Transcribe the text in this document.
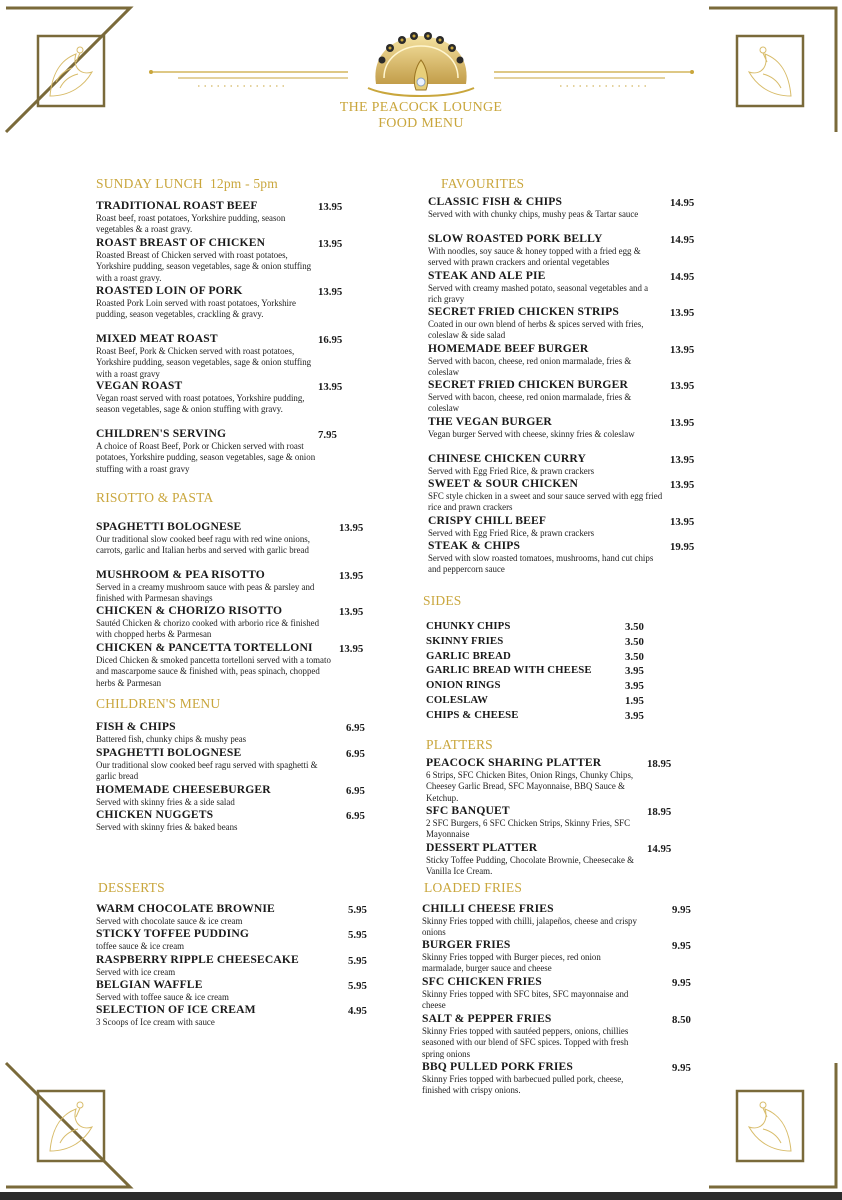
THE PEACOCK LOUNGE
FOOD MENU
SUNDAY LUNCH  12pm - 5pm
TRADITIONAL ROAST BEEF
Roast beef, roast potatoes, Yorkshire pudding, season vegetables & a roast gravy.
13.95
ROAST BREAST OF CHICKEN
Roasted Breast of Chicken served with roast potatoes, Yorkshire pudding, season vegetables, sage & onion stuffing with a roast gravy.
13.95
ROASTED LOIN OF PORK
Roasted Pork Loin served with roast potatoes, Yorkshire pudding, season vegetables, crackling & gravy.
13.95
MIXED MEAT ROAST
Roast Beef, Pork & Chicken served with roast potatoes, Yorkshire pudding, season vegetables, sage & onion stuffing with a roast gravy
16.95
VEGAN ROAST
Vegan roast served with roast potatoes, Yorkshire pudding, season vegetables, sage & onion stuffing with gravy.
13.95
CHILDREN'S SERVING
A choice of Roast Beef, Pork or Chicken served with roast potatoes, Yorkshire pudding, season vegetables, sage & onion stuffing with a roast gravy
7.95
RISOTTO & PASTA
SPAGHETTI BOLOGNESE
Our traditional slow cooked beef ragu with red wine onions, carrots, garlic and Italian herbs and served with garlic bread
13.95
MUSHROOM & PEA RISOTTO
Served in a creamy mushroom sauce with peas & parsley and finished with Parmesan shavings
13.95
CHICKEN & CHORIZO RISOTTO
Sautéd Chicken & chorizo cooked with arborio rice & finished with chopped herbs & Parmesan
13.95
CHICKEN & PANCETTA TORTELLONI
Diced Chicken & smoked pancetta tortelloni served with a tomato and mascarpome sauce & finished with, peas spinach, chopped herbs & Parmesan
13.95
CHILDREN'S MENU
FISH & CHIPS
Battered fish, chunky chips & mushy peas
6.95
SPAGHETTI BOLOGNESE
Our traditional slow cooked beef ragu served with spaghetti & garlic bread
6.95
HOMEMADE CHEESEBURGER
Served with skinny fries & a side salad
6.95
CHICKEN NUGGETS
Served with skinny fries & baked beans
6.95
DESSERTS
WARM CHOCOLATE BROWNIE
Served with chocolate sauce & ice cream
5.95
STICKY TOFFEE PUDDING
toffee sauce & ice cream
5.95
RASPBERRY RIPPLE CHEESECAKE
Served with ice cream
5.95
BELGIAN WAFFLE
Served with toffee sauce & ice cream
5.95
SELECTION OF ICE CREAM
3 Scoops of Ice cream with sauce
4.95
FAVOURITES
CLASSIC FISH & CHIPS
Served with with chunky chips, mushy peas & Tartar sauce
14.95
SLOW ROASTED PORK BELLY
With noodles, soy sauce & honey topped with a fried egg & served with prawn crackers and oriental vegetables
14.95
STEAK AND ALE PIE
Served with creamy mashed potato, seasonal vegetables and a rich gravy
14.95
SECRET FRIED CHICKEN STRIPS
Coated in our own blend of herbs & spices served with fries, coleslaw & side salad
13.95
HOMEMADE BEEF BURGER
Served with bacon, cheese, red onion marmalade, fries & coleslaw
13.95
SECRET FRIED CHICKEN BURGER
Served with bacon, cheese, red onion marmalade, fries & coleslaw
13.95
THE VEGAN BURGER
Vegan burger Served with cheese, skinny fries & coleslaw
13.95
CHINESE CHICKEN CURRY
Served with Egg Fried Rice, & prawn crackers
13.95
SWEET & SOUR CHICKEN
SFC style chicken in a sweet and sour sauce served with egg fried rice and prawn crackers
13.95
CRISPY CHILL BEEF
Served with Egg Fried Rice, & prawn crackers
13.95
STEAK & CHIPS
Served with slow roasted tomatoes, mushrooms, hand cut chips and peppercorn sauce
19.95
SIDES
CHUNKY CHIPS	3.50
SKINNY FRIES	3.50
GARLIC BREAD	3.50
GARLIC BREAD WITH CHEESE	3.95
ONION RINGS	3.95
COLESLAW	1.95
CHIPS & CHEESE	3.95
PLATTERS
PEACOCK SHARING PLATTER
6 Strips, SFC Chicken Bites, Onion Rings, Chunky Chips, Cheesey Garlic Bread, SFC Mayonnaise, BBQ Sauce & Ketchup.
18.95
SFC BANQUET
2 SFC Burgers, 6 SFC Chicken Strips, Skinny Fries, SFC Mayonnaise
18.95
DESSERT PLATTER
Sticky Toffee Pudding, Chocolate Brownie, Cheesecake & Vanilla Ice Cream.
14.95
LOADED FRIES
CHILLI CHEESE FRIES
Skinny Fries topped with chilli, jalapeños, cheese and crispy onions
9.95
BURGER FRIES
Skinny Fries topped with Burger pieces, red onion marmalade, burger sauce and cheese
9.95
SFC CHICKEN FRIES
Skinny Fries topped with SFC bites, SFC mayonnaise and cheese
9.95
SALT & PEPPER FRIES
Skinny Fries topped with sautéed peppers, onions, chillies seasoned with our blend of SFC spices. Topped with fresh spring onions
8.50
BBQ PULLED PORK FRIES
Skinny Fries topped with barbecued pulled pork, cheese, finished with crispy onions.
9.95
